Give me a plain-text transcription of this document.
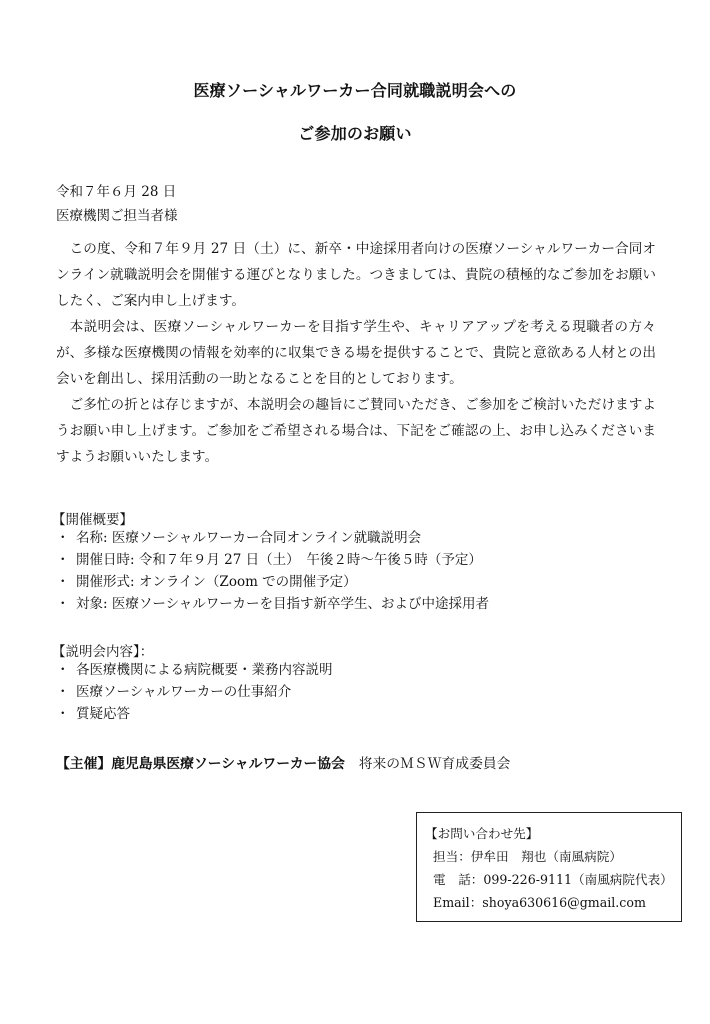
医療ソーシャルワーカー合同就職説明会への
ご参加のお願い
令和７年６月 28 日
医療機関ご担当者様

この度、令和７年９月 27 日（土）に、新卒・中途採用者向けの医療ソーシャルワーカー合同オンライン就職説明会を開催する運びとなりました。つきましては、貴院の積極的なご参加をお願いしたく、ご案内申し上げます。

本説明会は、医療ソーシャルワーカーを目指す学生や、キャリアアップを考える現職者の方々が、多様な医療機関の情報を効率的に収集できる場を提供することで、貴院と意欲ある人材との出会いを創出し、採用活動の一助となることを目的としております。

ご多忙の折とは存じますが、本説明会の趣旨にご賛同いただき、ご参加をご検討いただけますようお願い申し上げます。ご参加をご希望される場合は、下記をご確認の上、お申し込みくださいますようお願いいたします。

【開催概要】
・ 名称: 医療ソーシャルワーカー合同オンライン就職説明会
・ 開催日時: 令和７年９月 27 日（土）　午後２時～午後５時（予定）
・ 開催形式: オンライン（Zoom での開催予定）
・ 対象: 医療ソーシャルワーカーを目指す新卒学生、および中途採用者
【説明会内容】：
・ 各医療機関による病院概要・業務内容説明
・ 医療ソーシャルワーカーの仕事紹介
・ 質疑応答
【主催】鹿児島県医療ソーシャルワーカー協会　 将来のＭＳＷ育成委員会
【お問い合わせ先】
担当：伊牟田　翔也（南風病院）
電　話：099-226-9111（南風病院代表）
Email：shoya630616@gmail.com
